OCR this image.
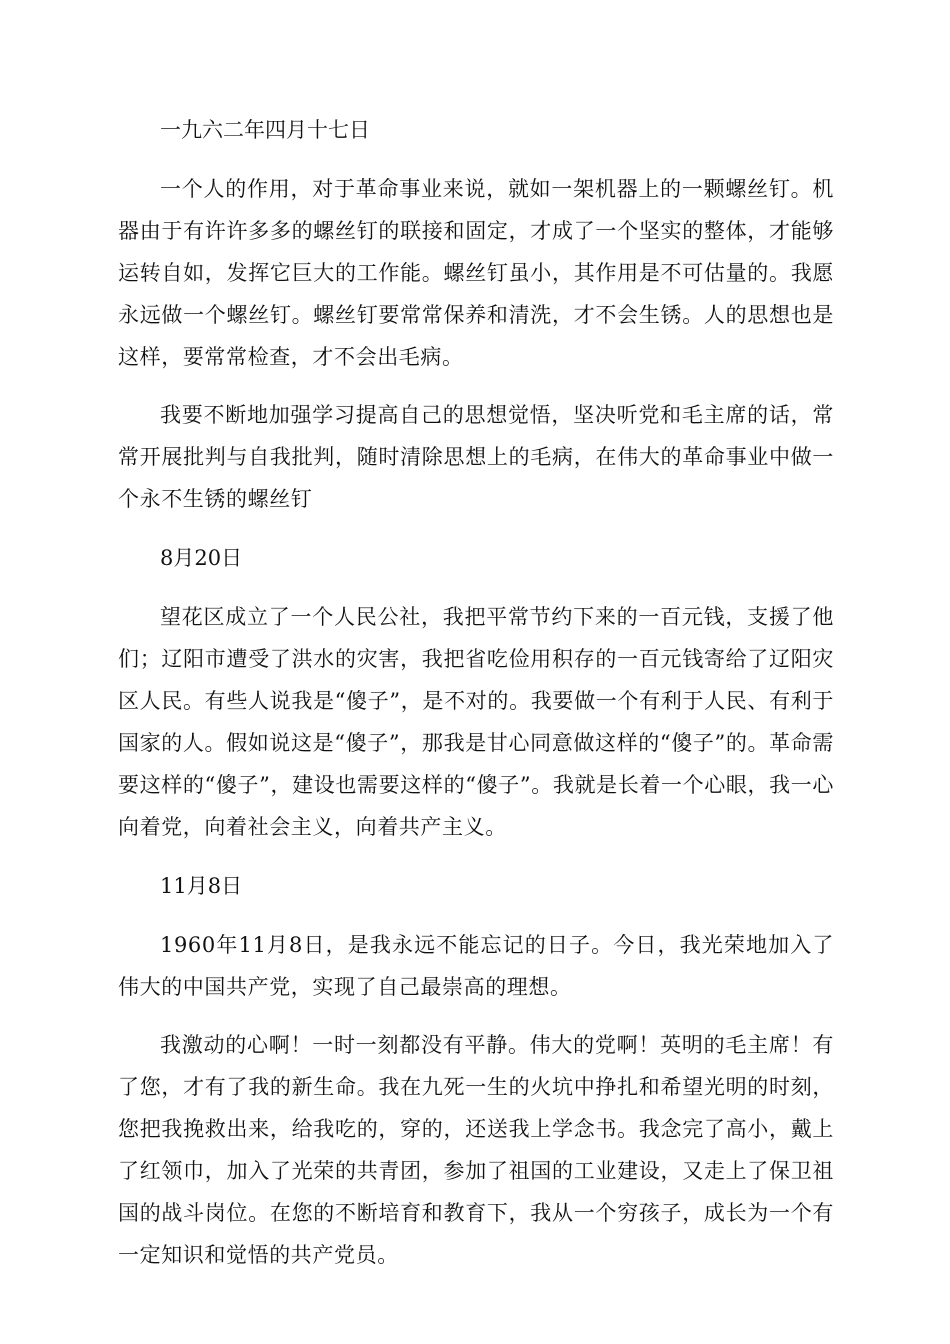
一九六二年四月十七日

一个人的作用，对于革命事业来说，就如一架机器上的一颗螺丝钉。机器由于有许许多多的螺丝钉的联接和固定，才成了一个坚实的整体，才能够运转自如，发挥它巨大的工作能。螺丝钉虽小，其作用是不可估量的。我愿永远做一个螺丝钉。螺丝钉要常常保养和清洗，才不会生锈。人的思想也是这样，要常常检查，才不会出毛病。

我要不断地加强学习提高自己的思想觉悟，坚决听党和毛主席的话，常常开展批判与自我批判，随时清除思想上的毛病，在伟大的革命事业中做一个永不生锈的螺丝钉

8月20日

望花区成立了一个人民公社，我把平常节约下来的一百元钱，支援了他们；辽阳市遭受了洪水的灾害，我把省吃俭用积存的一百元钱寄给了辽阳灾区人民。有些人说我是“傻子”，是不对的。我要做一个有利于人民、有利于国家的人。假如说这是“傻子”，那我是甘心同意做这样的“傻子”的。革命需要这样的“傻子”，建设也需要这样的“傻子”。我就是长着一个心眼，我一心向着党，向着社会主义，向着共产主义。

11月8日

1960年11月8日，是我永远不能忘记的日子。今日，我光荣地加入了伟大的中国共产党，实现了自己最崇高的理想。

我激动的心啊！一时一刻都没有平静。伟大的党啊！英明的毛主席！有了您，才有了我的新生命。我在九死一生的火坑中挣扎和希望光明的时刻，您把我挽救出来，给我吃的，穿的，还送我上学念书。我念完了高小，戴上了红领巾，加入了光荣的共青团，参加了祖国的工业建设，又走上了保卫祖国的战斗岗位。在您的不断培育和教育下，我从一个穷孩子，成长为一个有一定知识和觉悟的共产党员。
